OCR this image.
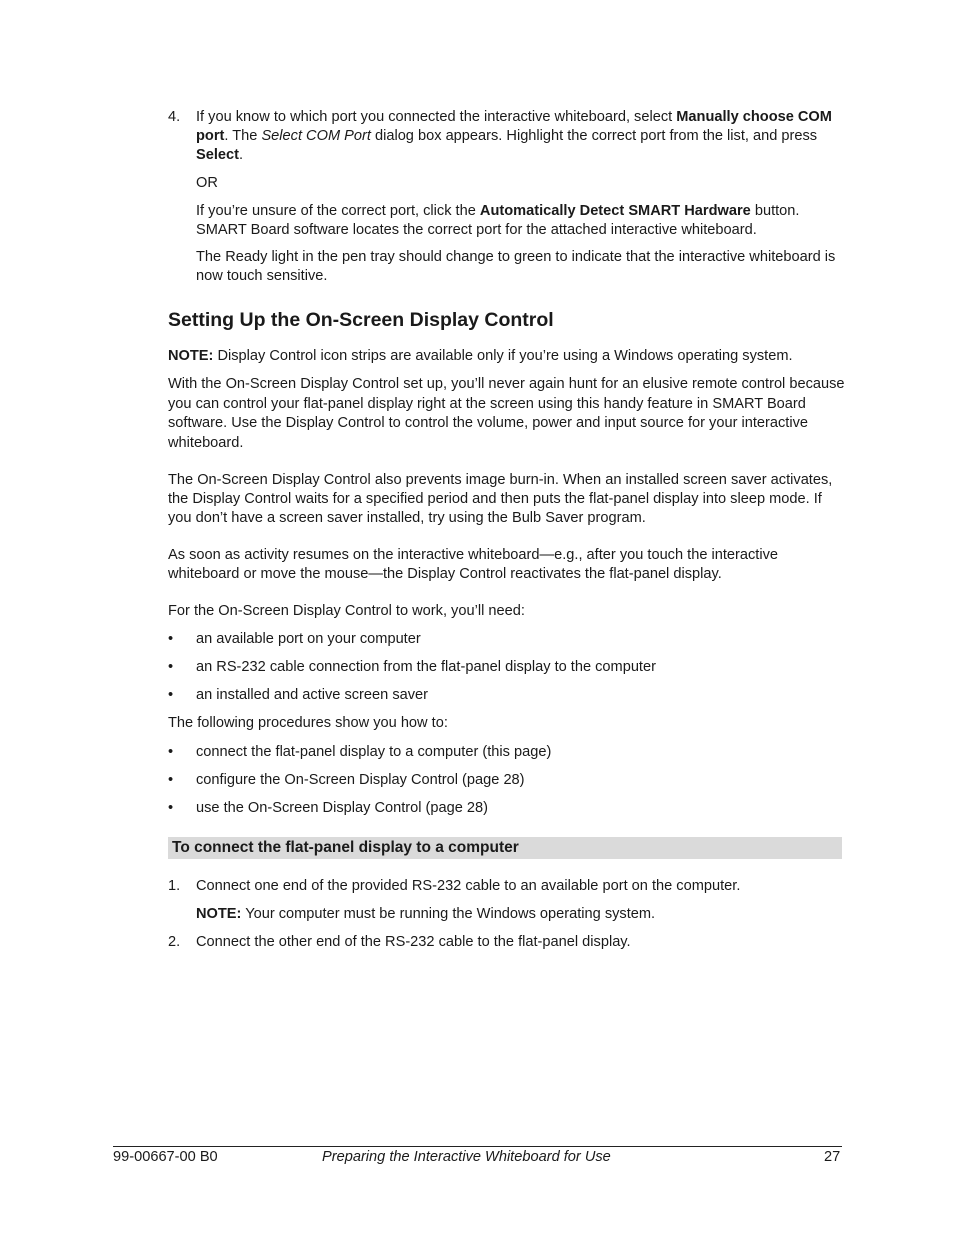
4. If you know to which port you connected the interactive whiteboard, select Manually choose COM port. The Select COM Port dialog box appears. Highlight the correct port from the list, and press Select.
OR
If you’re unsure of the correct port, click the Automatically Detect SMART Hardware button. SMART Board software locates the correct port for the attached interactive whiteboard.
The Ready light in the pen tray should change to green to indicate that the interactive whiteboard is now touch sensitive.
Setting Up the On-Screen Display Control
NOTE: Display Control icon strips are available only if you’re using a Windows operating system.
With the On-Screen Display Control set up, you’ll never again hunt for an elusive remote control because you can control your flat-panel display right at the screen using this handy feature in SMART Board software. Use the Display Control to control the volume, power and input source for your interactive whiteboard.
The On-Screen Display Control also prevents image burn-in. When an installed screen saver activates, the Display Control waits for a specified period and then puts the flat-panel display into sleep mode. If you don’t have a screen saver installed, try using the Bulb Saver program.
As soon as activity resumes on the interactive whiteboard—e.g., after you touch the interactive whiteboard or move the mouse—the Display Control reactivates the flat-panel display.
For the On-Screen Display Control to work, you’ll need:
• an available port on your computer
• an RS-232 cable connection from the flat-panel display to the computer
• an installed and active screen saver
The following procedures show you how to:
• connect the flat-panel display to a computer (this page)
• configure the On-Screen Display Control (page 28)
• use the On-Screen Display Control (page 28)
To connect the flat-panel display to a computer
1. Connect one end of the provided RS-232 cable to an available port on the computer.
NOTE: Your computer must be running the Windows operating system.
2. Connect the other end of the RS-232 cable to the flat-panel display.
99-00667-00 B0	Preparing the Interactive Whiteboard for Use	27
